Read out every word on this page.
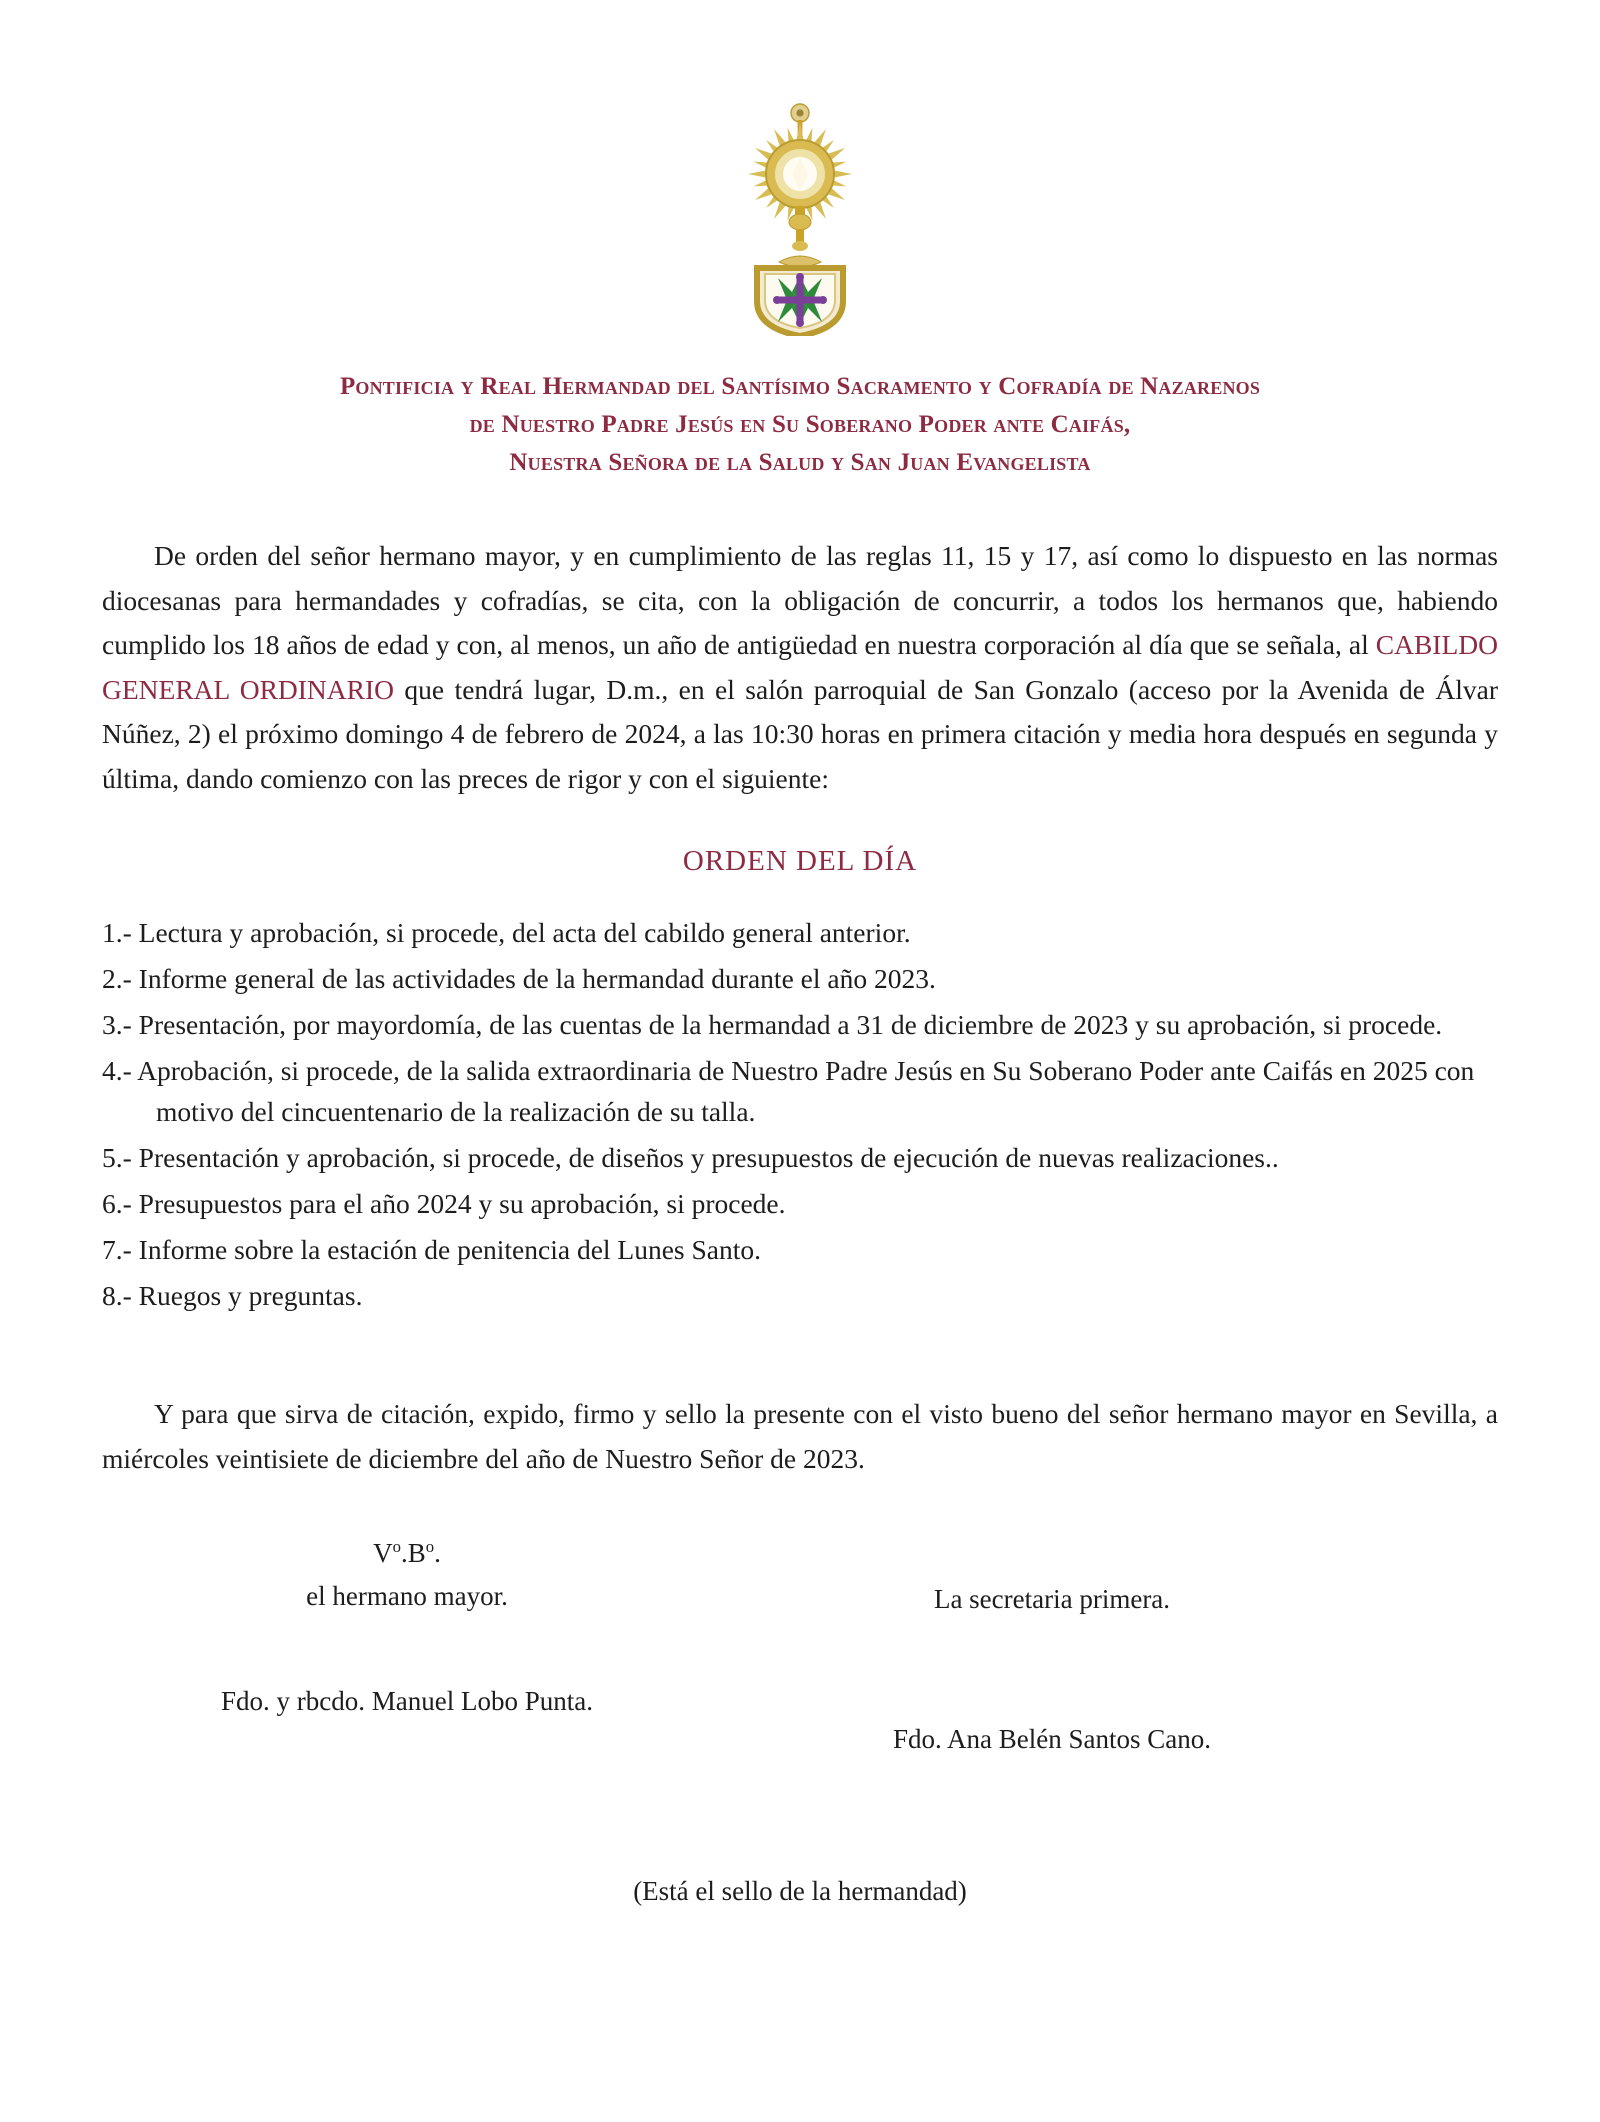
Pontificia y Real Hermandad del Santísimo Sacramento y Cofradía de Nazarenos
de Nuestro Padre Jesús en Su Soberano Poder ante Caifás,
Nuestra Señora de la Salud y San Juan Evangelista

De orden del señor hermano mayor, y en cumplimiento de las reglas 11, 15 y 17, así como lo dispuesto en las normas diocesanas para hermandades y cofradías, se cita, con la obligación de concurrir, a todos los hermanos que, habiendo cumplido los 18 años de edad y con, al menos, un año de antigüedad en nuestra corporación al día que se señala, al CABILDO GENERAL ORDINARIO que tendrá lugar, D.m., en el salón parroquial de San Gonzalo (acceso por la Avenida de Álvar Núñez, 2) el próximo domingo 4 de febrero de 2024, a las 10:30 horas en primera citación y media hora después en segunda y última, dando comienzo con las preces de rigor y con el siguiente:

ORDEN DEL DÍA
1.- Lectura y aprobación, si procede, del acta del cabildo general anterior.
2.- Informe general de las actividades de la hermandad durante el año 2023.
3.- Presentación, por mayordomía, de las cuentas de la hermandad a 31 de diciembre de 2023 y su aprobación, si procede.
4.- Aprobación, si procede, de la salida extraordinaria de Nuestro Padre Jesús en Su Soberano Poder ante Caifás en 2025 con motivo del cincuentenario de la realización de su talla.
5.- Presentación y aprobación, si procede, de diseños y presupuestos de ejecución de nuevas realizaciones..
6.- Presupuestos para el año 2024 y su aprobación, si procede.
7.- Informe sobre la estación de penitencia del Lunes Santo.
8.- Ruegos y preguntas.

Y para que sirva de citación, expido, firmo y sello la presente con el visto bueno del señor hermano mayor en Sevilla, a miércoles veintisiete de diciembre del año de Nuestro Señor de 2023.

$V^o.B^o$.
el hermano mayor.	La secretaria primera.
Fdo. y rbcdo. Manuel Lobo Punta.
Fdo. Ana Belén Santos Cano.
(Está el sello de la hermandad)
